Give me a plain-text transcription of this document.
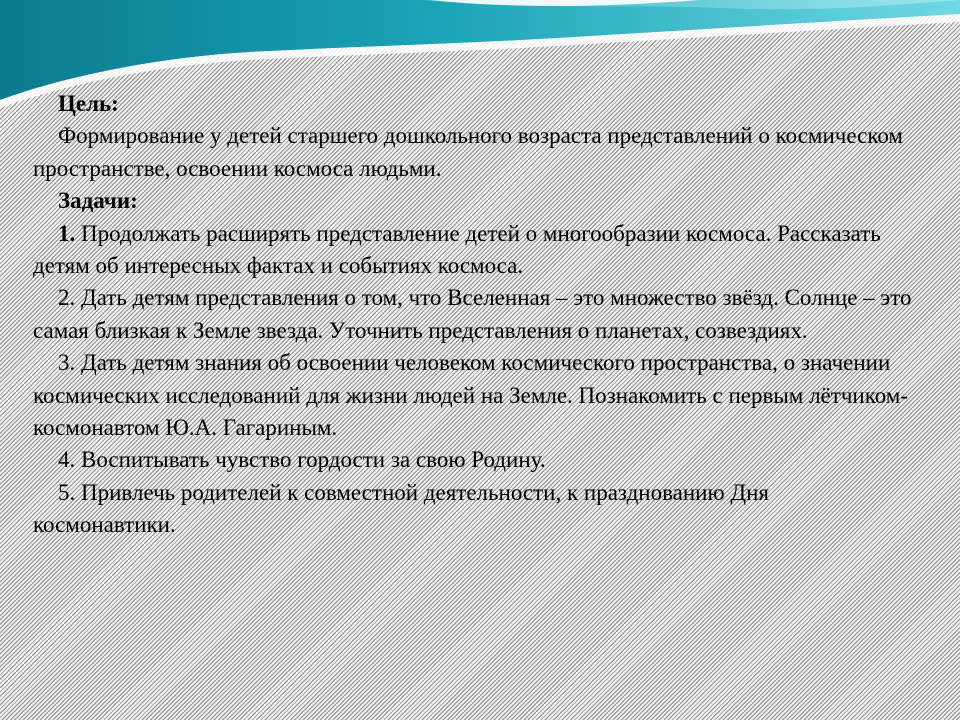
Цель:

Формирование у детей старшего дошкольного возраста представлений о космическом пространстве, освоении космоса людьми.

Задачи:

1. Продолжать расширять представление детей о многообразии космоса. Рассказать детям об интересных фактах и событиях космоса.

2. Дать детям представления о том, что Вселенная – это множество звёзд. Солнце – это самая близкая к Земле звезда. Уточнить представления о планетах, созвездиях.

3. Дать детям знания об освоении человеком космического пространства, о значении космических исследований для жизни людей на Земле. Познакомить с первым лётчиком-космонавтом Ю.А. Гагариным.

4. Воспитывать чувство гордости за свою Родину.

5. Привлечь родителей к совместной деятельности, к празднованию Дня космонавтики.
